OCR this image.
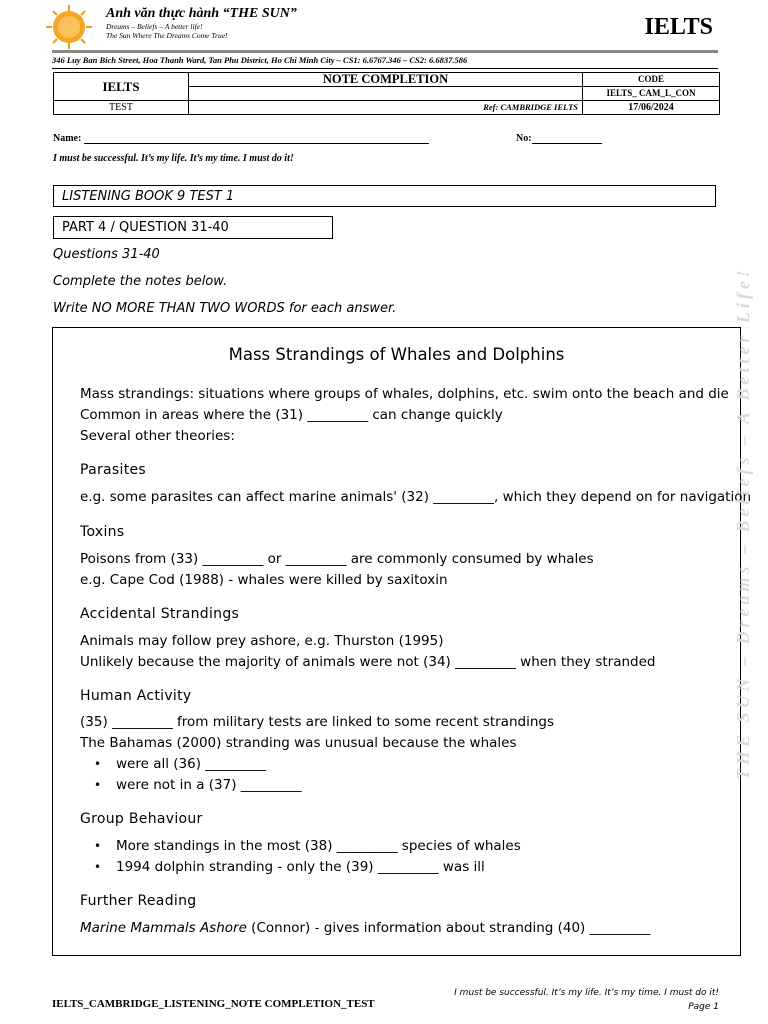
Anh văn thực hành “THE SUN”
Dreams – Beliefs – A better life!
The Sun Where The Dreams Come True!	IELTS
346 Luy Ban Bich Street, Hoa Thanh Ward, Tan Phu District, Ho Chi Minh City – CS1: 6.6767.346 – CS2: 6.6837.586
IELTS	NOTE COMPLETION	CODE
		IELTS_ CAM_L_CON
TEST	Ref: CAMBRIDGE IELTS	17/06/2024
Name:	No:
I must be successful. It’s my life. It’s my time. I must do it!
LISTENING BOOK 9 TEST 1
PART 4 / QUESTION 31-40
Questions 31-40
Complete the notes below.
Write NO MORE THAN TWO WORDS for each answer.
Mass Strandings of Whales and Dolphins
Mass strandings: situations where groups of whales, dolphins, etc. swim onto the beach and die
Common in areas where the (31) _________ can change quickly
Several other theories:
Parasites
e.g. some parasites can affect marine animals' (32) _________, which they depend on for navigation
Toxins
Poisons from (33) _________ or _________ are commonly consumed by whales
e.g. Cape Cod (1988) - whales were killed by saxitoxin
Accidental Strandings
Animals may follow prey ashore, e.g. Thurston (1995)
Unlikely because the majority of animals were not (34) _________ when they stranded
Human Activity
(35) _________ from military tests are linked to some recent strandings
The Bahamas (2000) stranding was unusual because the whales
• were all (36) _________
• were not in a (37) _________
Group Behaviour
• More standings in the most (38) _________ species of whales
• 1994 dolphin stranding - only the (39) _________ was ill
Further Reading
Marine Mammals Ashore (Connor) - gives information about stranding (40) _________
THE SUN – Dreams – Beliefs – A Better Life!
IELTS_CAMBRIDGE_LISTENING_NOTE COMPLETION_TEST
I must be successful. It’s my life. It’s my time. I must do it!
Page 1
